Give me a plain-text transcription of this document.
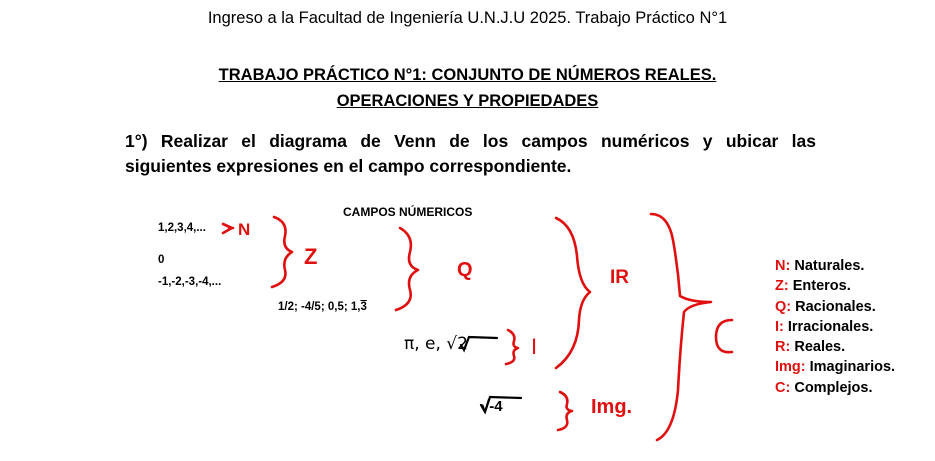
Ingreso a la Facultad de Ingeniería U.N.J.U 2025. Trabajo Práctico N°1
TRABAJO PRÁCTICO N°1: CONJUNTO DE NÚMEROS REALES.
OPERACIONES Y PROPIEDADES
1°) Realizar el diagrama de Venn de los campos numéricos y ubicar las
siguientes expresiones en el campo correspondiente.
CAMPOS NÚMERICOS
1,2,3,4,...
0
-1,-2,-3,-4,...
1/2; -4/5; 0,5; 1,3
N
Z
Q	IR
I
Img.
π, e, √2
√-4
N: Naturales.
Z: Enteros.
Q: Racionales.
I: Irracionales.
R: Reales.
Img: Imaginarios.
C: Complejos.
